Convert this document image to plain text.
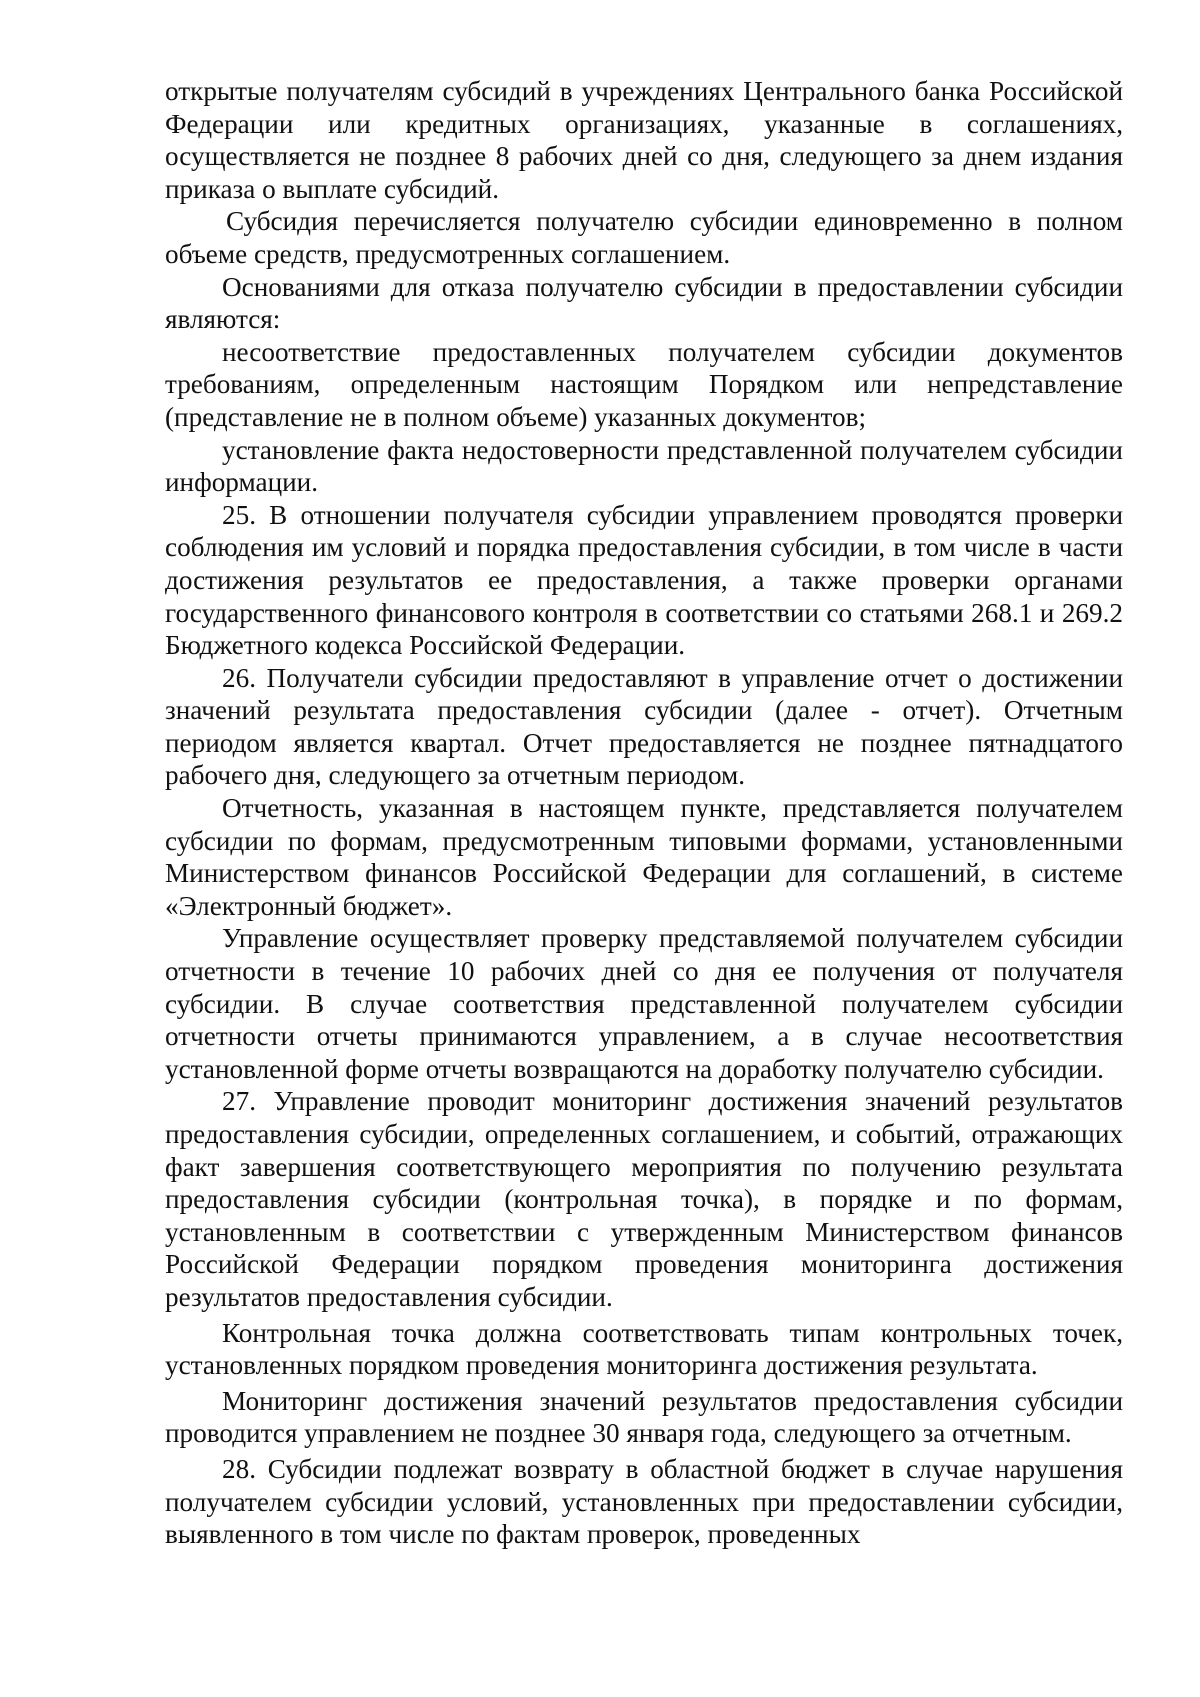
открытые получателям субсидий в учреждениях Центрального банка Российской Федерации или кредитных организациях, указанные в соглашениях, осуществляется не позднее 8 рабочих дней со дня, следующего за днем издания приказа о выплате субсидий.

Субсидия перечисляется получателю субсидии единовременно в полном объеме средств, предусмотренных соглашением.

Основаниями для отказа получателю субсидии в предоставлении субсидии являются:

несоответствие предоставленных получателем субсидии документов требованиям, определенным настоящим Порядком или непредставление (представление не в полном объеме) указанных документов;

установление факта недостоверности представленной получателем субсидии информации.

25. В отношении получателя субсидии управлением проводятся проверки соблюдения им условий и порядка предоставления субсидии, в том числе в части достижения результатов ее предоставления, а также проверки органами государственного финансового контроля в соответствии со статьями 268.1 и 269.2 Бюджетного кодекса Российской Федерации.

26. Получатели субсидии предоставляют в управление отчет о достижении значений результата предоставления субсидии (далее - отчет). Отчетным периодом является квартал. Отчет предоставляется не позднее пятнадцатого рабочего дня, следующего за отчетным периодом.

Отчетность, указанная в настоящем пункте, представляется получателем субсидии по формам, предусмотренным типовыми формами, установленными Министерством финансов Российской Федерации для соглашений, в системе «Электронный бюджет».

Управление осуществляет проверку представляемой получателем субсидии отчетности в течение 10 рабочих дней со дня ее получения от получателя субсидии. В случае соответствия представленной получателем субсидии отчетности отчеты принимаются управлением, а в случае несоответствия установленной форме отчеты возвращаются на доработку получателю субсидии.

27. Управление проводит мониторинг достижения значений результатов предоставления субсидии, определенных соглашением, и событий, отражающих факт завершения соответствующего мероприятия по получению результата предоставления субсидии (контрольная точка), в порядке и по формам, установленным в соответствии с утвержденным Министерством финансов Российской Федерации порядком проведения мониторинга достижения результатов предоставления субсидии.

Контрольная точка должна соответствовать типам контрольных точек, установленных порядком проведения мониторинга достижения результата.

Мониторинг достижения значений результатов предоставления субсидии проводится управлением не позднее 30 января года, следующего за отчетным.

28. Субсидии подлежат возврату в областной бюджет в случае нарушения получателем субсидии условий, установленных при предоставлении субсидии, выявленного в том числе по фактам проверок, проведенных
